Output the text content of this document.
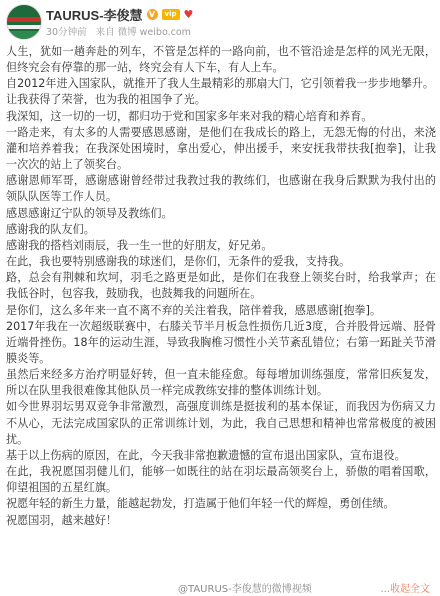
TAURUS-李俊慧 V	vip ♥
30分钟前 来自 微博 weibo.com

人生，犹如一趟奔赴的列车，不管是怎样的一路向前，也不管沿途是怎样的风光无限，但终究会有停靠的那一站，终究会有人下车，有人上车。

自2012年进入国家队，就推开了我人生最精彩的那扇大门，它引领着我一步步地攀升。

让我获得了荣誉，也为我的祖国争了光。

我深知，这一切的一切，都归功于党和国家多年来对我的精心培育和养育。

一路走来，有太多的人需要感恩感谢，是他们在我成长的路上，无怨无悔的付出，来浇灌和培养着我；在我深处困境时，拿出爱心，伸出援手，来安抚我带扶我[抱拳]，让我一次次的站上了领奖台。

感谢恩师军哥，感谢感谢曾经带过我教过我的教练们，也感谢在我身后默默为我付出的领队队医等工作人员。

感恩感谢辽宁队的领导及教练们。

感谢我的队友们。

感谢我的搭档刘雨辰，我一生一世的好朋友，好兄弟。

在此，我也要特别感谢我的球迷们，是你们，无条件的爱我，支持我。

路，总会有荆棘和坎坷，羽毛之路更是如此，是你们在我登上领奖台时，给我掌声；在我低谷时，包容我，鼓励我，也鼓舞我的问题所在。

是你们，这么多年来一直不离不弃的关注着我，陪伴着我，感恩感谢[抱拳]。

2017年我在一次超级联赛中，右膝关节半月板急性损伤几近3度，合并股骨远端、胫骨近端骨挫伤。18年的运动生涯，导致我胸椎习惯性小关节紊乱错位；右第一跖趾关节滑膜炎等。

虽然后来经多方治疗明显好转，但一直未能痊愈。每每增加训练强度，常常旧疾复发，所以在队里我很难像其他队员一样完成教练安排的整体训练计划。

如今世界羽坛男双竞争非常激烈，高强度训练是挺拔利的基本保证，而我因为伤病又力不从心，无法完成国家队的正常训练计划，为此，我自己思想和精神也常常极度的被困扰。

基于以上伤病的原因，在此，今天我非常抱歉遗憾的宣布退出国家队，宣布退役。

在此，我祝愿国羽健儿们，能够一如既往的站在羽坛最高领奖台上，骄傲的唱着国歌，仰望祖国的五星红旗。

祝愿年轻的新生力量，能越起勃发，打造属于他们年轻一代的辉煌，勇创佳绩。

祝愿国羽，越来越好！

@TAURUS-李俊慧的微博视频	...收起全文
